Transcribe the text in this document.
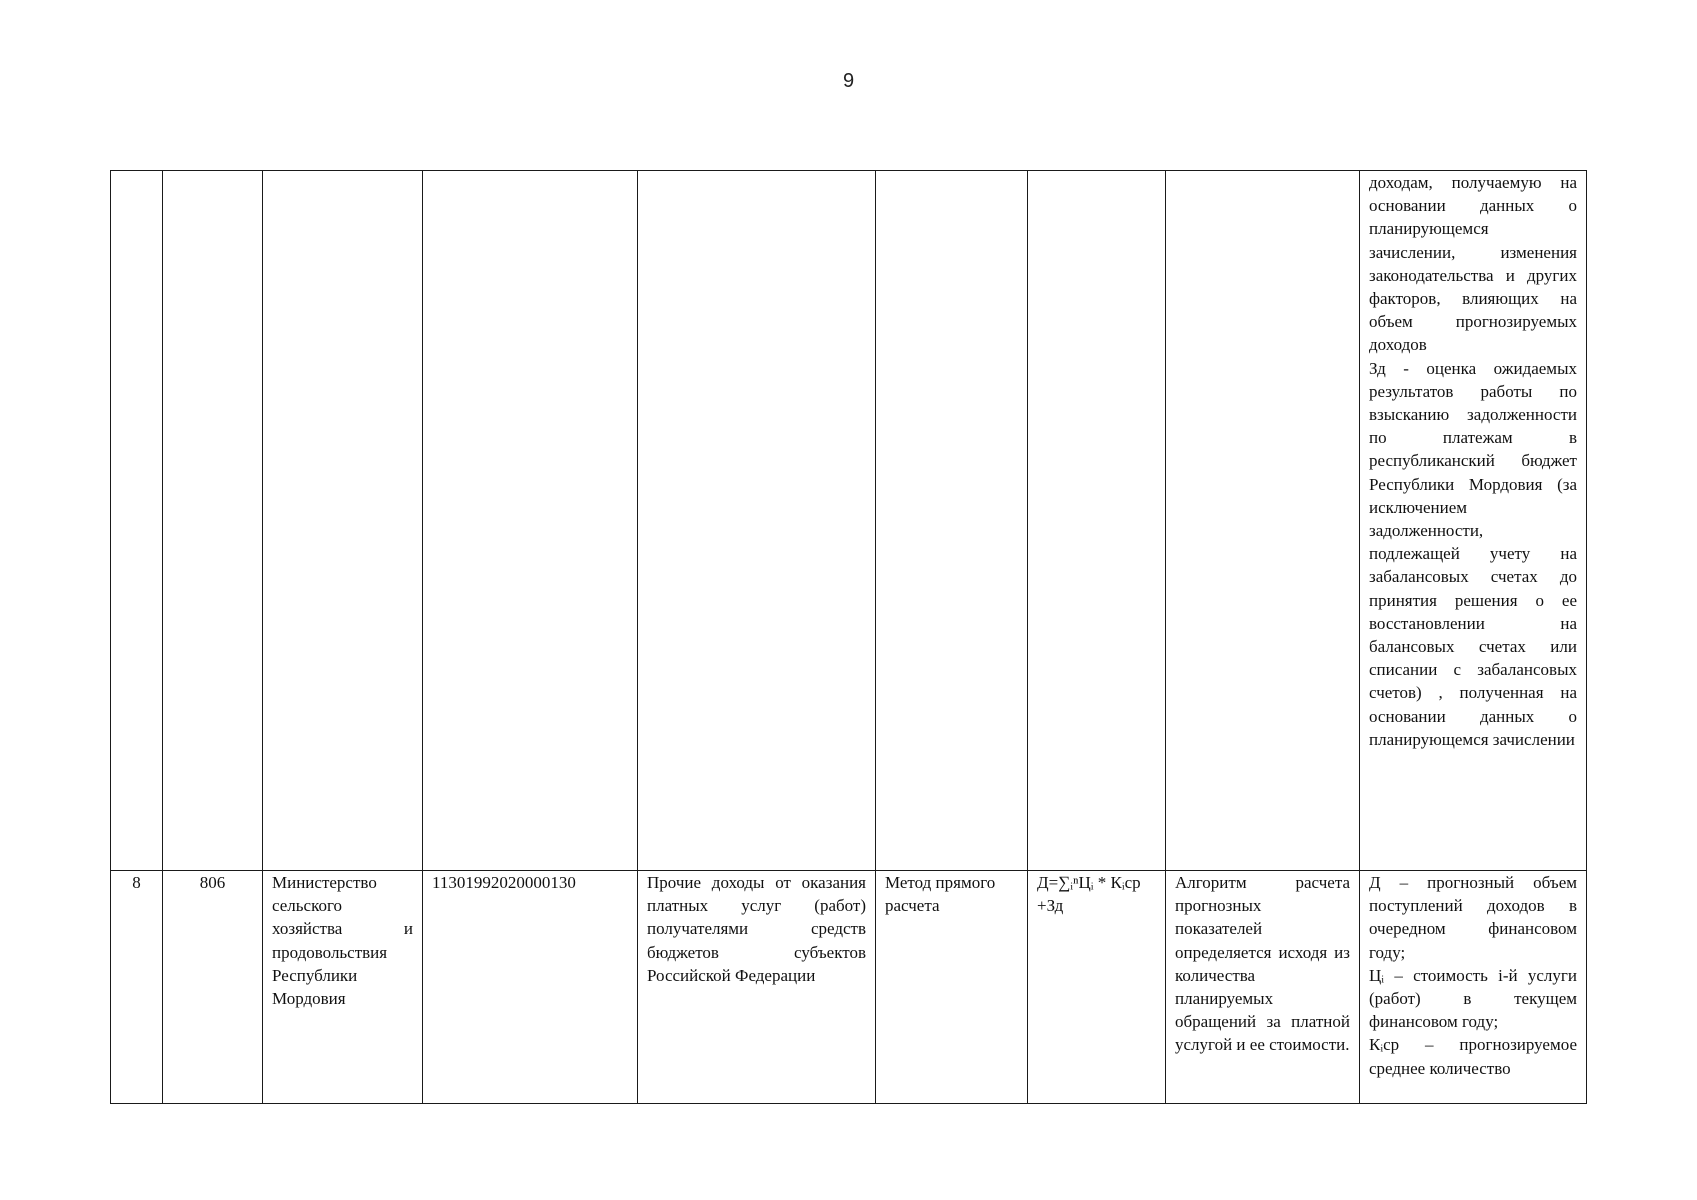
9
								доходам, получаемую на основании данных о планирующемся зачислении, изменения законодательства и других факторов, влияющих на объем прогнозируемых доходов
Зд - оценка ожидаемых результатов работы по взысканию задолженности по платежам в республиканский бюджет Республики Мордовия (за исключением задолженности, подлежащей учету на забалансовых счетах до принятия решения о ее восстановлении на балансовых счетах или списании с забалансовых счетов) , полученная на основании данных о планирующемся зачислении
8	806	Министерство сельского хозяйства и продовольствия Республики Мордовия	11301992020000130	Прочие доходы от оказания платных услуг (работ) получателями средств бюджетов субъектов Российской Федерации	Метод прямого расчета	Д=∑ᵢⁿЦᵢ * Кᵢср +Зд	Алгоритм расчета прогнозных показателей определяется исходя из количества планируемых обращений за платной услугой и ее стоимости.	Д – прогнозный объем поступлений доходов в очередном финансовом году;
Цᵢ – стоимость i-й услуги (работ) в текущем финансовом году;
Кᵢср – прогнозируемое среднее количество
